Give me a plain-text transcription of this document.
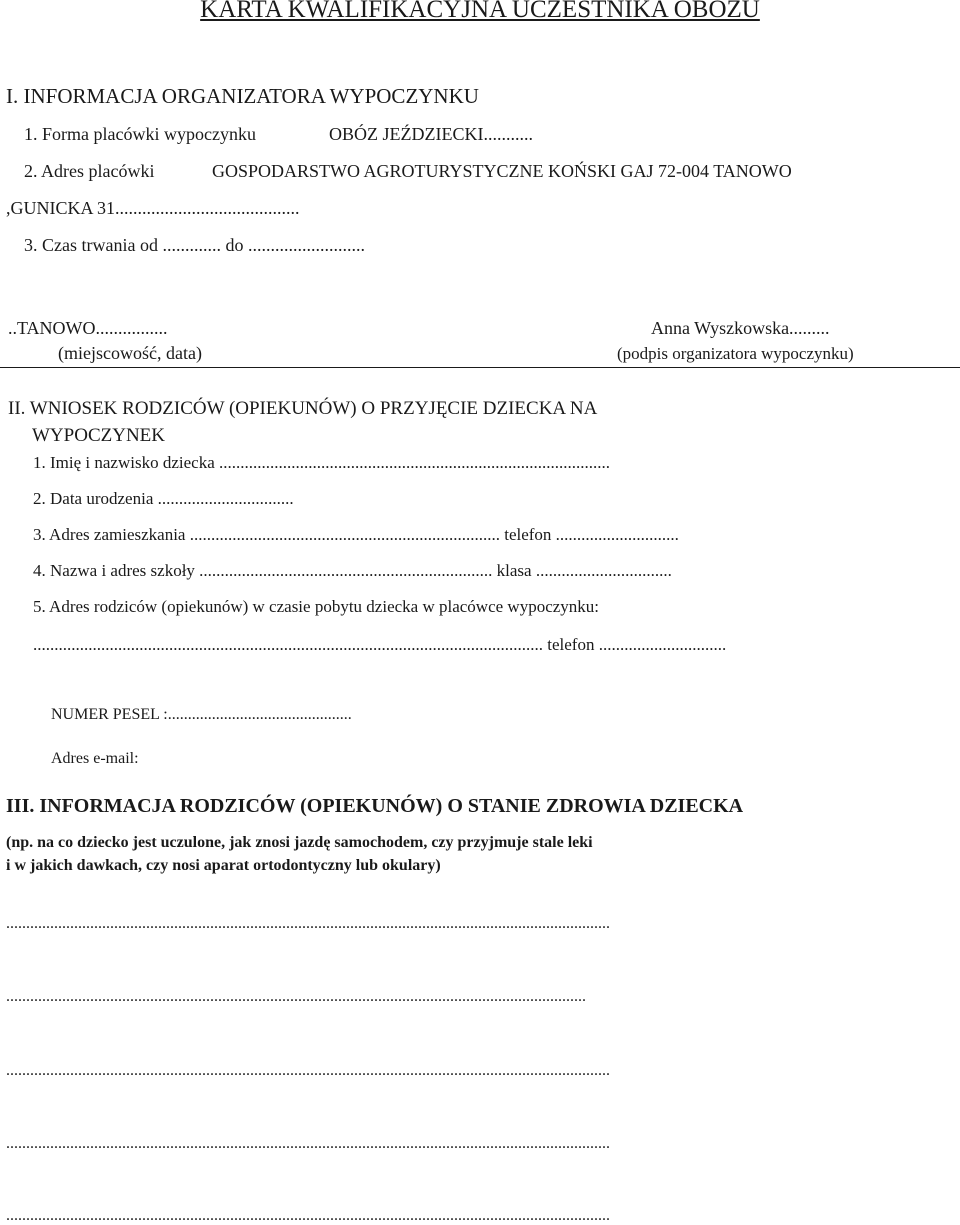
KARTA KWALIFIKACYJNA UCZESTNIKA OBOZU
I. INFORMACJA ORGANIZATORA WYPOCZYNKU
1. Forma placówki wypoczynku	OBÓZ JEŹDZIECKI...........
2. Adres placówki	GOSPODARSTWO AGROTURYSTYCZNE KOŃSKI GAJ 72-004 TANOWO
,GUNICKA 31.........................................
3. Czas trwania od ............. do ..........................
..TANOWO................
(miejscowość, data)
Anna Wyszkowska.........
(podpis organizatora wypoczynku)
II. WNIOSEK RODZICÓW (OPIEKUNÓW) O PRZYJĘCIE DZIECKA NA
WYPOCZYNEK
1. Imię i nazwisko dziecka ............................................................................................
2. Data urodzenia ................................
3. Adres zamieszkania ......................................................................... telefon .............................
4. Nazwa i adres szkoły ..................................................................... klasa ................................
5. Adres rodziców (opiekunów) w czasie pobytu dziecka w placówce wypoczynku:
........................................................................................................................ telefon ..............................
NUMER PESEL :..............................................
Adres e-mail:
III. INFORMACJA RODZICÓW (OPIEKUNÓW) O STANIE ZDROWIA DZIECKA
(np. na co dziecko jest uczulone, jak znosi jazdę samochodem, czy przyjmuje stale leki
i w jakich dawkach, czy nosi aparat ortodontyczny lub okulary)
.......................................................................................................................................................
.................................................................................................................................................
.......................................................................................................................................................
.......................................................................................................................................................
.......................................................................................................................................................
